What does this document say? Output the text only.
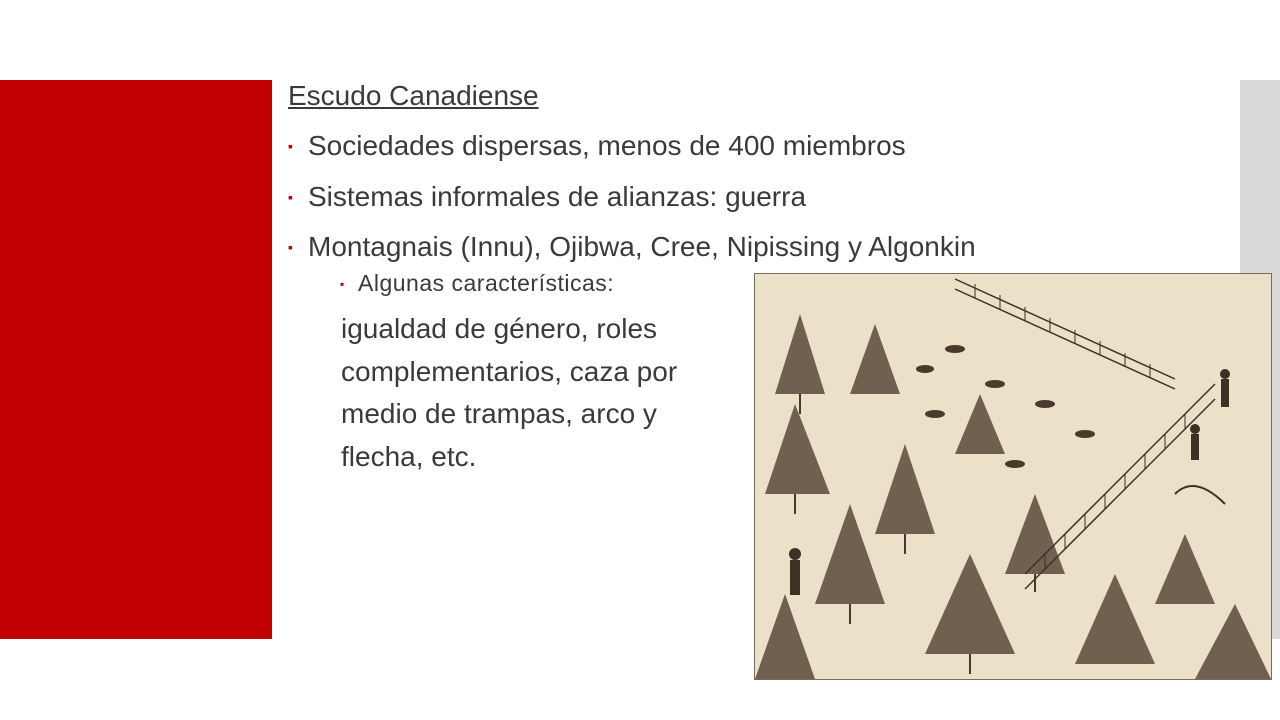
Escudo Canadiense
▪ Sociedades dispersas, menos de 400 miembros
▪ Sistemas informales de alianzas: guerra
▪ Montagnais (Innu), Ojibwa, Cree, Nipissing y Algonkin
▪ Algunas características:
igualdad de género, roles
complementarios, caza por
medio de trampas, arco y
flecha, etc.
